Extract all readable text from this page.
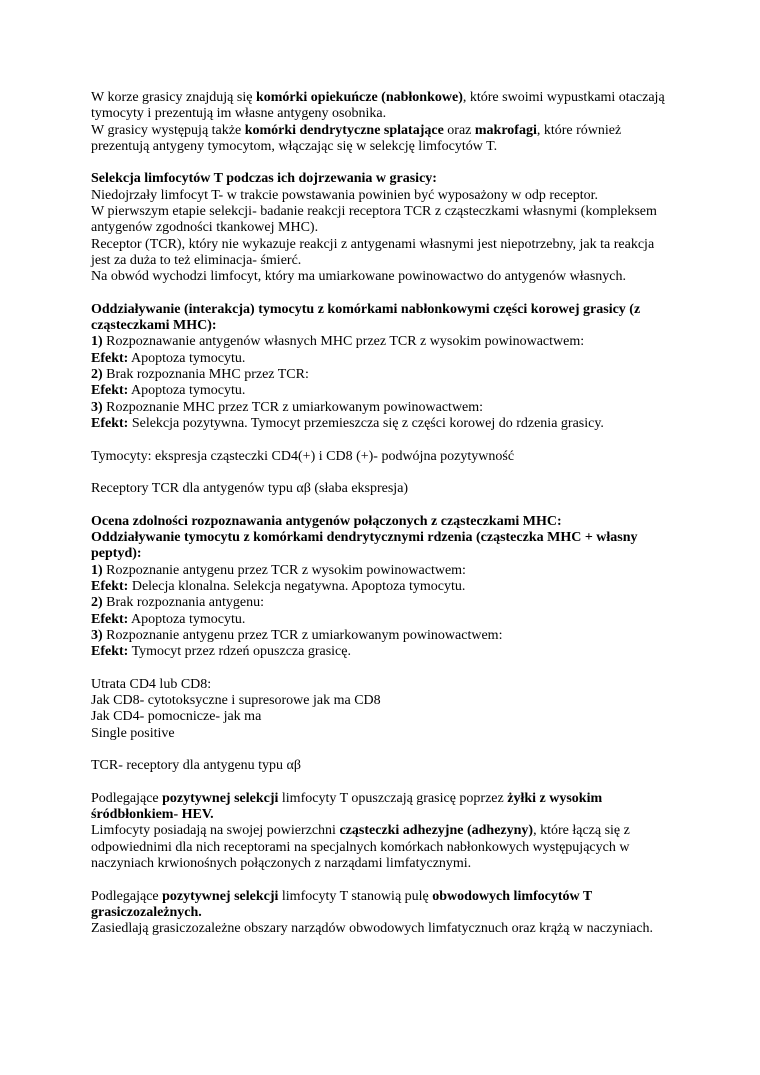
W korze grasicy znajdują się komórki opiekuńcze (nabłonkowe), które swoimi wypustkami otaczają
tymocyty i prezentują im własne antygeny osobnika.
W grasicy występują także komórki dendrytyczne splatające oraz makrofagi, które również
prezentują antygeny tymocytom, włączając się w selekcję limfocytów T.
Selekcja limfocytów T podczas ich dojrzewania w grasicy:
Niedojrzały limfocyt T- w trakcie powstawania powinien być wyposażony w odp receptor.
W pierwszym etapie selekcji- badanie reakcji receptora TCR z cząsteczkami własnymi (kompleksem
antygenów zgodności tkankowej MHC).
Receptor (TCR), który nie wykazuje reakcji z antygenami własnymi jest niepotrzebny, jak ta reakcja
jest za duża to też eliminacja- śmierć.
Na obwód wychodzi limfocyt, który ma umiarkowane powinowactwo do antygenów własnych.
Oddziaływanie (interakcja) tymocytu z komórkami nabłonkowymi części korowej grasicy (z
cząsteczkami MHC):
1) Rozpoznawanie antygenów własnych MHC przez TCR z wysokim powinowactwem:
Efekt: Apoptoza tymocytu.
2) Brak rozpoznania MHC przez TCR:
Efekt: Apoptoza tymocytu.
3) Rozpoznanie MHC przez TCR z umiarkowanym powinowactwem:
Efekt: Selekcja pozytywna. Tymocyt przemieszcza się z części korowej do rdzenia grasicy.
Tymocyty: ekspresja cząsteczki CD4(+) i CD8 (+)- podwójna pozytywność
Receptory TCR dla antygenów typu αβ (słaba ekspresja)
Ocena zdolności rozpoznawania antygenów połączonych z cząsteczkami MHC:
Oddziaływanie tymocytu z komórkami dendrytycznymi rdzenia (cząsteczka MHC + własny
peptyd):
1) Rozpoznanie antygenu przez TCR z wysokim powinowactwem:
Efekt: Delecja klonalna. Selekcja negatywna. Apoptoza tymocytu.
2) Brak rozpoznania antygenu:
Efekt: Apoptoza tymocytu.
3) Rozpoznanie antygenu przez TCR z umiarkowanym powinowactwem:
Efekt: Tymocyt przez rdzeń opuszcza grasicę.
Utrata CD4 lub CD8:
Jak CD8- cytotoksyczne i supresorowe jak ma CD8
Jak CD4- pomocnicze- jak ma
Single positive
TCR- receptory dla antygenu typu αβ
Podlegające pozytywnej selekcji limfocyty T opuszczają grasicę poprzez żyłki z wysokim
śródbłonkiem- HEV.
Limfocyty posiadają na swojej powierzchni cząsteczki adhezyjne (adhezyny), które łączą się z
odpowiednimi dla nich receptorami na specjalnych komórkach nabłonkowych występujących w
naczyniach krwionośnych połączonych z narządami limfatycznymi.
Podlegające pozytywnej selekcji limfocyty T stanowią pulę obwodowych limfocytów T
grasiczozależnych.
Zasiedlają grasiczozależne obszary narządów obwodowych limfatycznuch oraz krążą w naczyniach.
